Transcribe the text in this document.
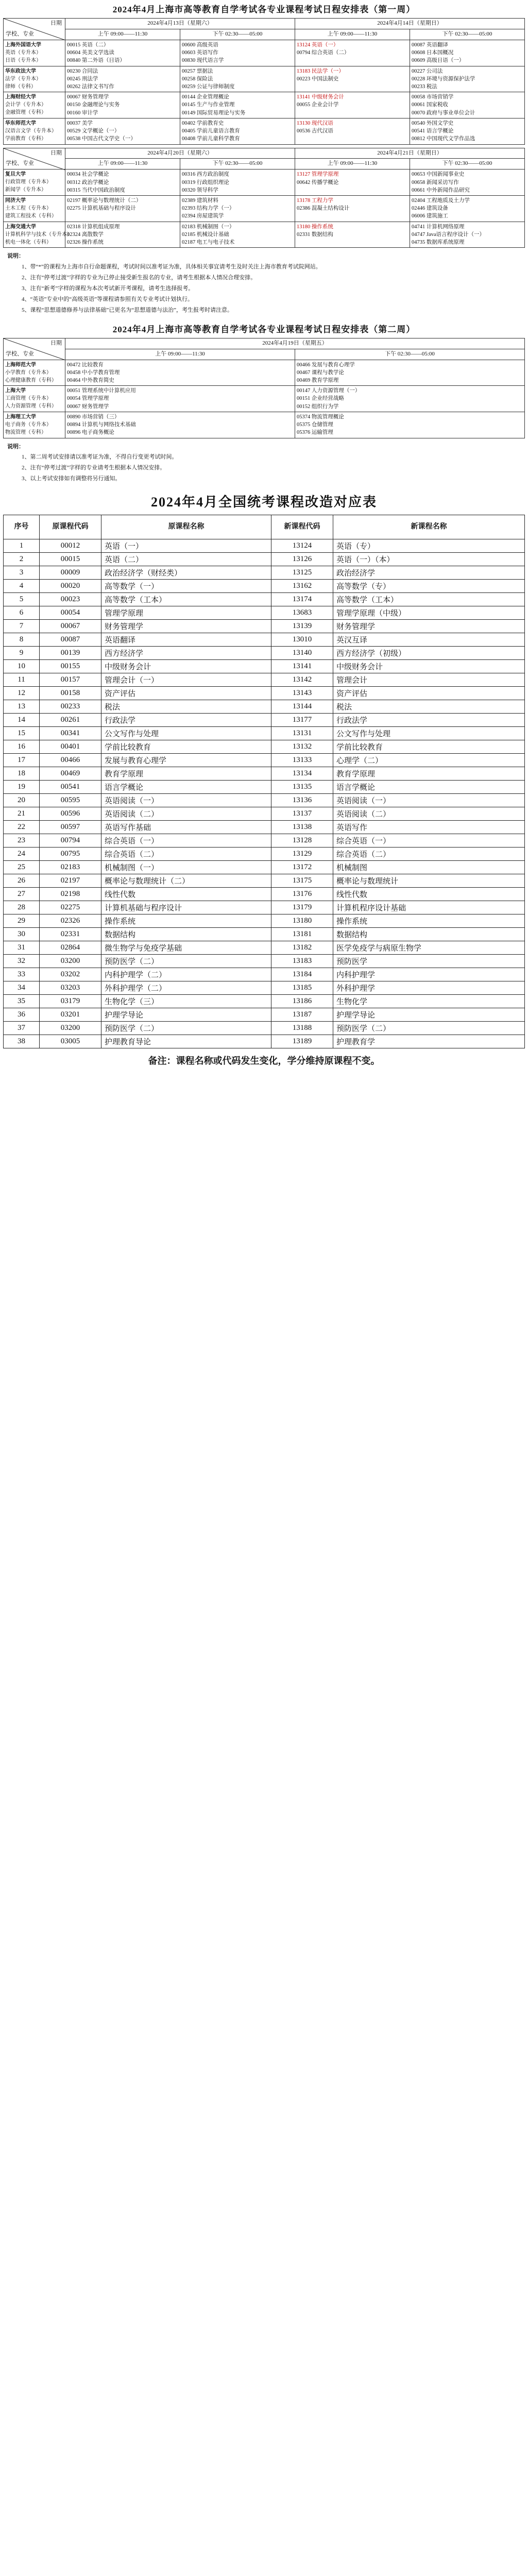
2024年4月上海市高等教育自学考试各专业课程考试日程安排表（第一周）
日期
学校、专业	2024年4月13日（星期六）		2024年4月14日（星期日）	
	上午 09:00——11:30	下午 02:30——05:00	上午 09:00——11:30	下午 02:30——05:00

上海外国语大学
英语（专升本）
日语（专升本）	00015 英语（二）
00604 英美文学选读
00840 第二外语（日语）	00600 高级英语
00603 英语写作
00830 现代语言学	13124 英语（一）
00794 综合英语（二）	00087 英语翻译
00608 日本国概况
00609 高级日语（一）

华东政法大学
法学（专升本）
律师（专科）	00230 合同法
00245 刑法学
00262 法律文书写作	00257 票据法
00258 保险法
00259 公证与律师制度	13183 民法学（一）
00223 中国法制史	00227 公司法
00228 环境与资源保护法学
00233 税法

上海财经大学
会计学（专升本）
金融管理（专科）	00067 财务管理学
00150 金融理论与实务
00160 审计学	00144 企业管理概论
00145 生产与作业管理
00149 国际贸易理论与实务	13141 中级财务会计
00055 企业会计学	00058 市场营销学
00061 国家税收
00070 政府与事业单位会计

华东师范大学
汉语言文学（专升本）
学前教育（专科）	00037 美学
00529 文学概论（一）
00538 中国古代文学史（一）	00402 学前教育史
00405 学前儿童语言教育
00408 学前儿童科学教育	13130 现代汉语
00536 古代汉语	00540 外国文学史
00541 语言学概论
00812 中国现代文学作品选
日期
学校、专业	2024年4月20日（星期六）		2024年4月21日（星期日）	
	上午 09:00——11:30	下午 02:30——05:00	上午 09:00——11:30	下午 02:30——05:00

复旦大学
行政管理（专升本）
新闻学（专升本）	00034 社会学概论
00312 政治学概论
00315 当代中国政治制度	00316 西方政治制度
00319 行政组织理论
00320 领导科学	13127 管理学原理
00642 传播学概论	00653 中国新闻事业史
00658 新闻采访写作
00661 中外新闻作品研究

同济大学
土木工程（专升本）
建筑工程技术（专科）	02197 概率论与数理统计（二）
02275 计算机基础与程序设计	02389 建筑材料
02393 结构力学（一）
02394 房屋建筑学	13178 工程力学
02386 混凝土结构设计	02404 工程地质及土力学
02446 建筑设备
06006 建筑施工

上海交通大学
计算机科学与技术（专升本）
机电一体化（专科）	02318 计算机组成原理
02324 离散数学
02326 操作系统	02183 机械制图（一）
02185 机械设计基础
02187 电工与电子技术	13180 操作系统
02331 数据结构	04741 计算机网络原理
04747 Java语言程序设计（一）
04735 数据库系统原理
说明：

1、带“*”的课程为上海市自行命题课程，考试时间以准考证为准，具体相关事宜请考生及时关注上海市教育考试院网站。

2、注有“停考过渡”字样的专业为已停止接受新生报名的专业，请考生根据本人情况合理安排。

3、注有“新考”字样的课程为本次考试新开考课程，请考生选择报考。

4、“英语”专业中的“高级英语”等课程请参照有关专业考试计划执行。

5、课程“思想道德修养与法律基础”已更名为“思想道德与法治”，考生报考时请注意。

2024年4月上海市高等教育自学考试各专业课程考试日程安排表（第二周）
日期
学校、专业	2024年4月19日（星期五）	
	上午 09:00——11:30	下午 02:30——05:00

上海师范大学
小学教育（专升本）
心理健康教育（专科）	00472 比较教育
00458 中小学教育管理
00464 中外教育简史	00466 发展与教育心理学
00467 课程与教学论
00469 教育学原理

上海大学
工商管理（专升本）
人力资源管理（专科）	00051 管理系统中计算机应用
00054 管理学原理
00067 财务管理学	00147 人力资源管理（一）
00151 企业经营战略
00152 组织行为学

上海理工大学
电子商务（专升本）
物流管理（专科）	00890 市场营销（三）
00894 计算机与网络技术基础
00896 电子商务概论	05374 物流管理概论
05375 仓储管理
05376 运输管理
说明：

1、第二周考试安排请以准考证为准，不得自行变更考试时间。

2、注有“停考过渡”字样的专业请考生根据本人情况安排。

3、以上考试安排如有调整将另行通知。

2024年4月全国统考课程改造对应表
序号	原课程代码	原课程名称	新课程代码	新课程名称
1	00012	英语（一）	13124	英语（专）
2	00015	英语（二）	13126	英语（一）（本）
3	00009	政治经济学（财经类）	13125	政治经济学
4	00020	高等数学（一）	13162	高等数学（专）
5	00023	高等数学（工本）	13174	高等数学（工本）
6	00054	管理学原理	13683	管理学原理（中级）
7	00067	财务管理学	13139	财务管理学
8	00087	英语翻译	13010	英汉互译
9	00139	西方经济学	13140	西方经济学（初级）
10	00155	中级财务会计	13141	中级财务会计
11	00157	管理会计（一）	13142	管理会计
12	00158	资产评估	13143	资产评估
13	00233	税法	13144	税法
14	00261	行政法学	13177	行政法学
15	00341	公文写作与处理	13131	公文写作与处理
16	00401	学前比较教育	13132	学前比较教育
17	00466	发展与教育心理学	13133	心理学（二）
18	00469	教育学原理	13134	教育学原理
19	00541	语言学概论	13135	语言学概论
20	00595	英语阅读（一）	13136	英语阅读（一）
21	00596	英语阅读（二）	13137	英语阅读（二）
22	00597	英语写作基础	13138	英语写作
23	00794	综合英语（一）	13128	综合英语（一）
24	00795	综合英语（二）	13129	综合英语（二）
25	02183	机械制图（一）	13172	机械制图
26	02197	概率论与数理统计（二）	13175	概率论与数理统计
27	02198	线性代数	13176	线性代数
28	02275	计算机基础与程序设计	13179	计算机程序设计基础
29	02326	操作系统	13180	操作系统
30	02331	数据结构	13181	数据结构
31	02864	微生物学与免疫学基础	13182	医学免疫学与病原生物学
32	03200	预防医学（二）	13183	预防医学
33	03202	内科护理学（二）	13184	内科护理学
34	03203	外科护理学（二）	13185	外科护理学
35	03179	生物化学（三）	13186	生物化学
36	03201	护理学导论	13187	护理学导论
37	03200	预防医学（二）	13188	预防医学（二）
38	03005	护理教育导论	13189	护理教育学
备注：课程名称或代码发生变化，学分维持原课程不变。
